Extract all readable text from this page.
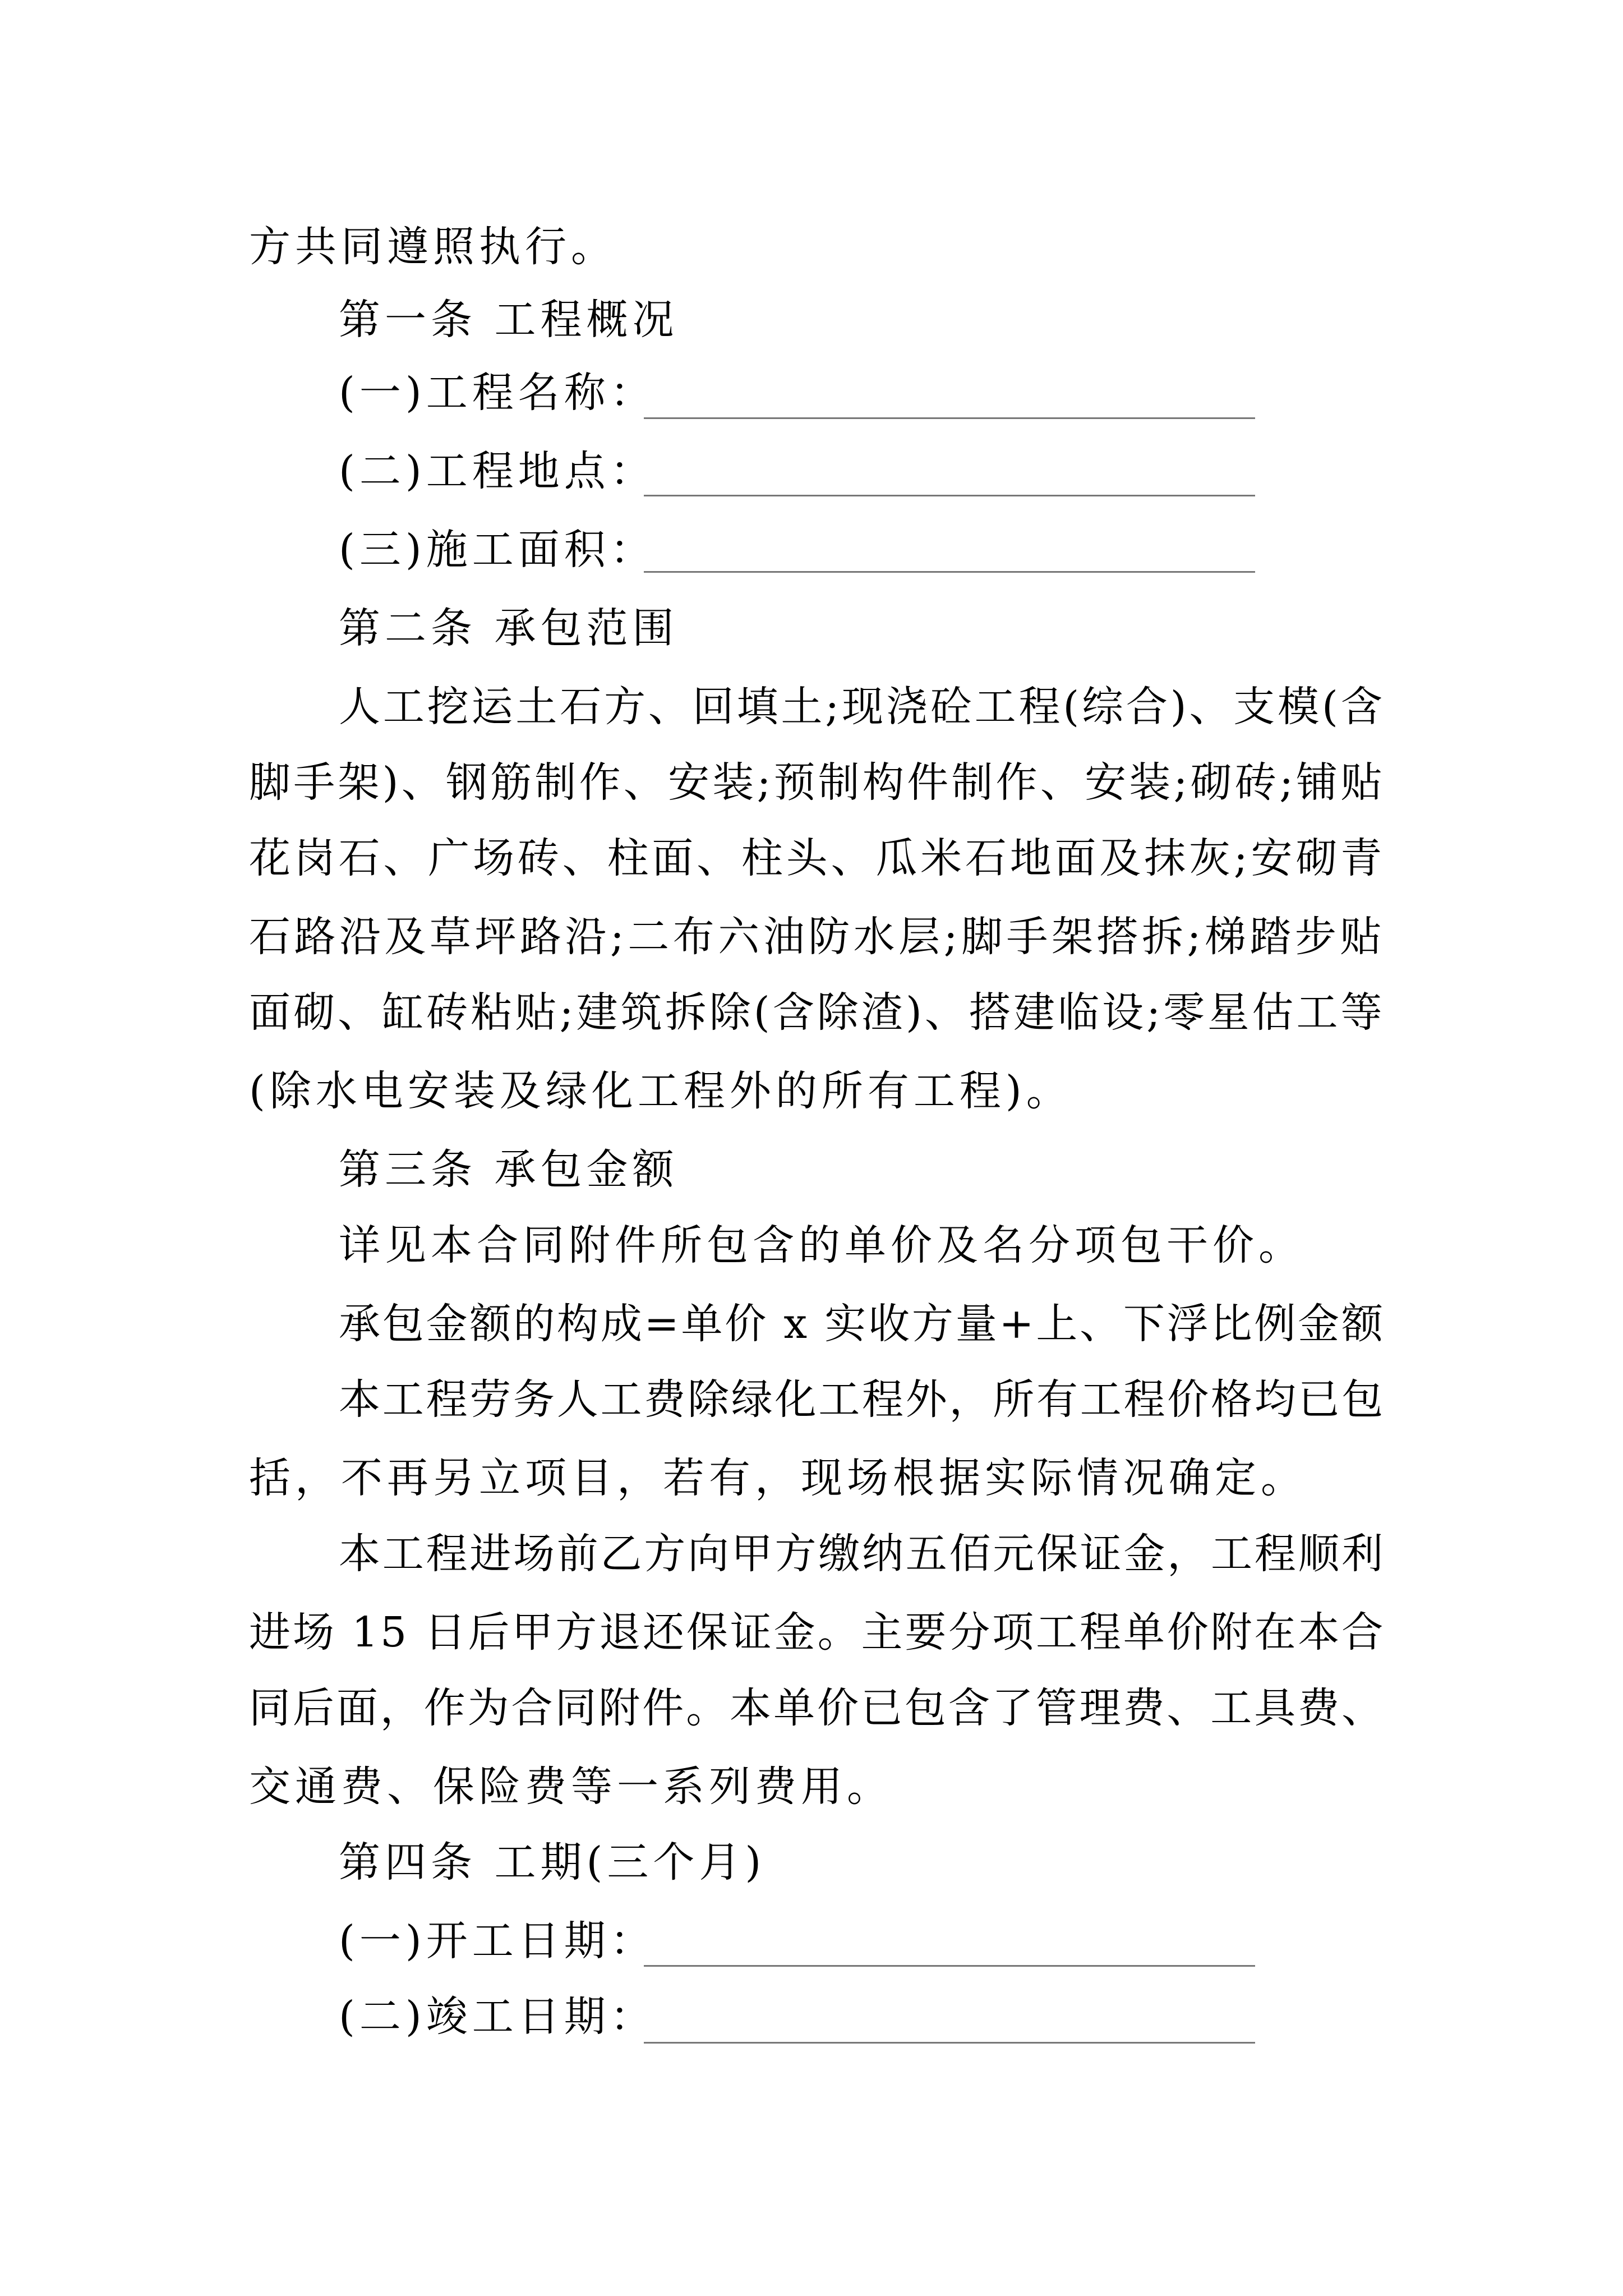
方共同遵照执行。
第一条 工程概况
(一)工程名称：
(二)工程地点：
(三)施工面积：
第二条 承包范围
人工挖运土石方、回填土;现浇砼工程(综合)、支模(含
脚手架)、钢筋制作、安装;预制构件制作、安装;砌砖;铺贴
花岗石、广场砖、柱面、柱头、瓜米石地面及抹灰;安砌青
石路沿及草坪路沿;二布六油防水层;脚手架搭拆;梯踏步贴
面砌、缸砖粘贴;建筑拆除(含除渣)、搭建临设;零星估工等
(除水电安装及绿化工程外的所有工程)。
第三条 承包金额
详见本合同附件所包含的单价及名分项包干价。
承包金额的构成=单价 x 实收方量+上、下浮比例金额
本工程劳务人工费除绿化工程外，所有工程价格均已包
括，不再另立项目，若有，现场根据实际情况确定。
本工程进场前乙方向甲方缴纳五佰元保证金，工程顺利
进场 15 日后甲方退还保证金。主要分项工程单价附在本合
同后面，作为合同附件。本单价已包含了管理费、工具费、
交通费、保险费等一系列费用。
第四条 工期(三个月)
(一)开工日期：
(二)竣工日期：
